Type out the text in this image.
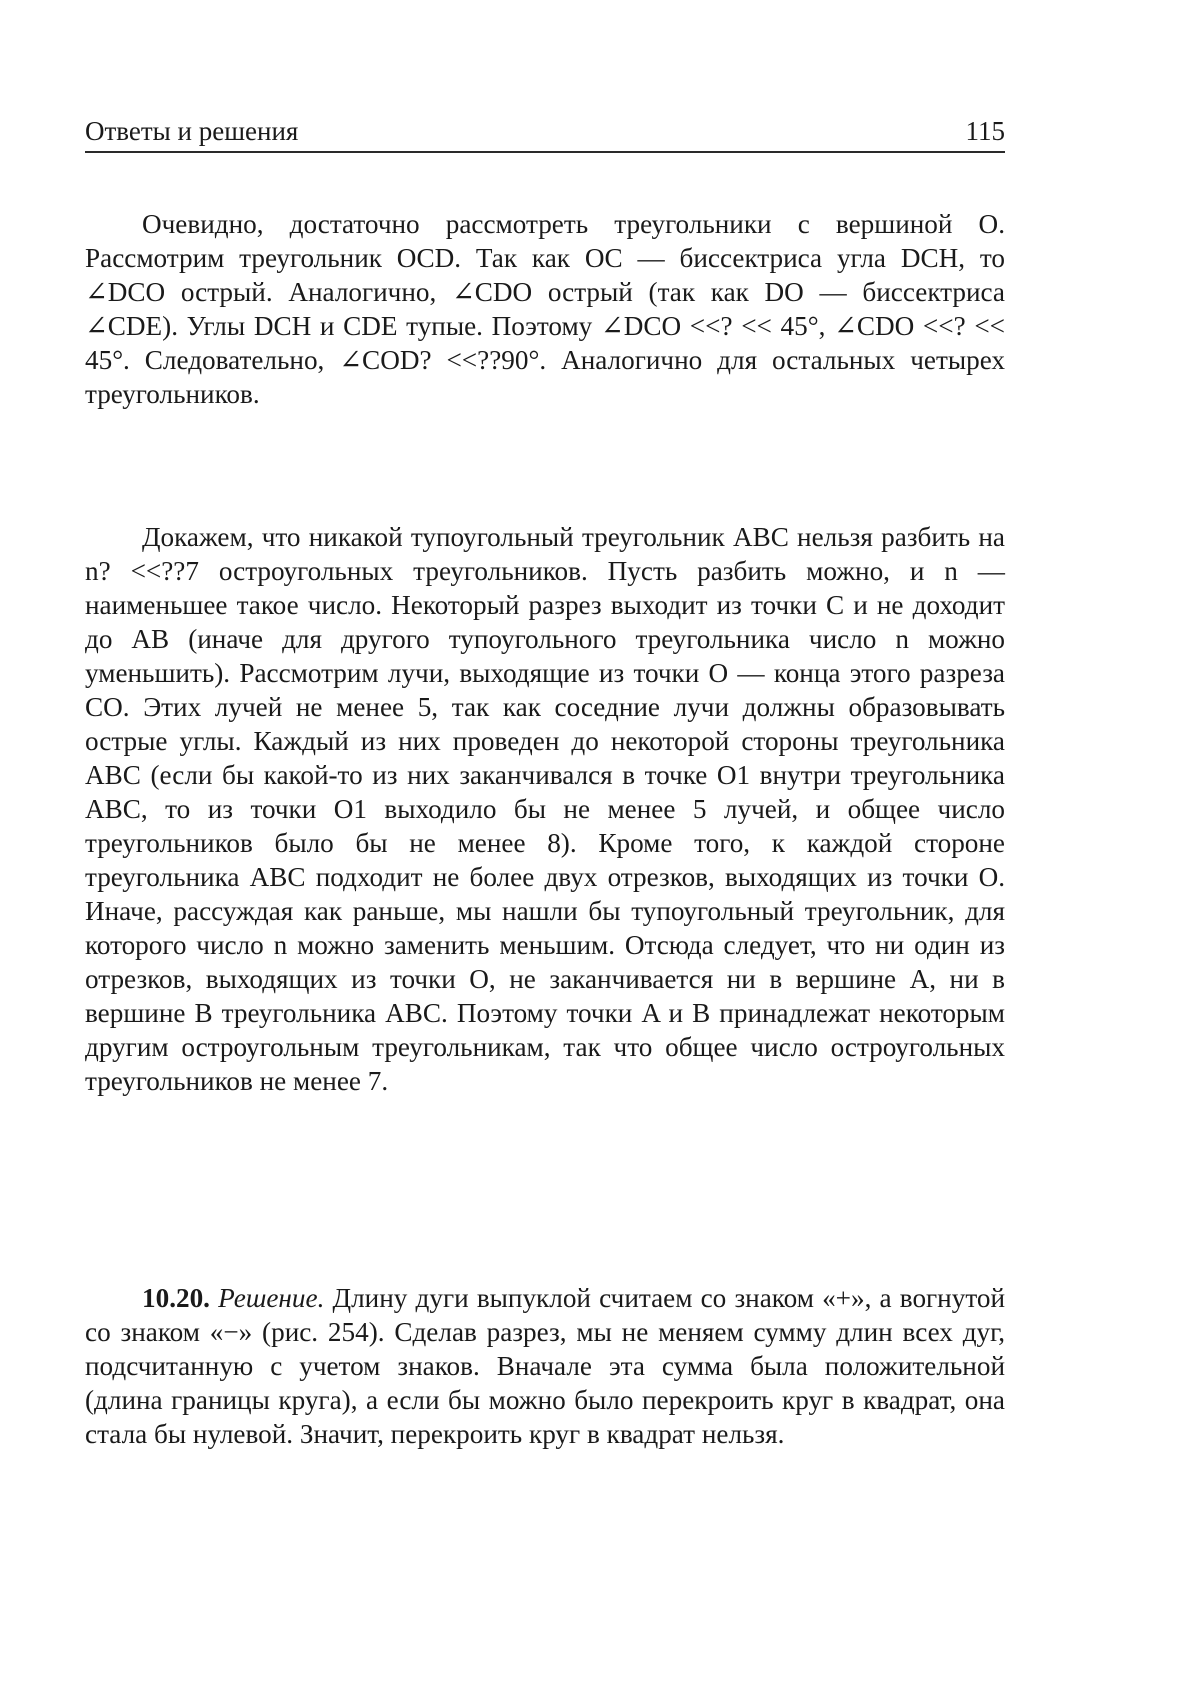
Ответы и решения	115

Очевидно, достаточно рассмотреть треугольники с вершиной O. Рассмотрим треугольник OCD. Так как OC — биссектриса угла DCH, то ∠DCO острый. Аналогично, ∠CDO острый (так как DO — биссектриса ∠CDE). Углы DCH и CDE тупые. Поэтому ∠DCO <<? << 45°, ∠CDO <<? << 45°. Следовательно, ∠COD? <<??90°. Аналогично для остальных четырех треугольников.

Докажем, что никакой тупоугольный треугольник ABC нельзя разбить на n? <<??7 остроугольных треугольников. Пусть разбить можно, и n — наименьшее такое число. Некоторый разрез выходит из точки C и не доходит до AB (иначе для другого тупоугольного треугольника число n можно уменьшить). Рассмотрим лучи, выходящие из точки O — конца этого разреза CO. Этих лучей не менее 5, так как соседние лучи должны образовывать острые углы. Каждый из них проведен до некоторой стороны треугольника ABC (если бы какой-то из них заканчивался в точке O1 внутри треугольника ABC, то из точки O1 выходило бы не менее 5 лучей, и общее число треугольников было бы не менее 8). Кроме того, к каждой стороне треугольника ABC подходит не более двух отрезков, выходящих из точки O. Иначе, рассуждая как раньше, мы нашли бы тупоугольный треугольник, для которого число n можно заменить меньшим. Отсюда следует, что ни один из отрезков, выходящих из точки O, не заканчивается ни в вершине A, ни в вершине B треугольника ABC. Поэтому точки A и B принадлежат некоторым другим остроугольным треугольникам, так что общее число остроугольных треугольников не менее 7.

10.20. Решение. Длину дуги выпуклой считаем со знаком «+», а вогнутой со знаком «−» (рис. 254). Сделав разрез, мы не меняем сумму длин всех дуг, подсчитанную с учетом знаков. Вначале эта сумма была положительной (длина границы круга), а если бы можно было перекроить круг в квадрат, она стала бы нулевой. Значит, перекроить круг в квадрат нельзя.
